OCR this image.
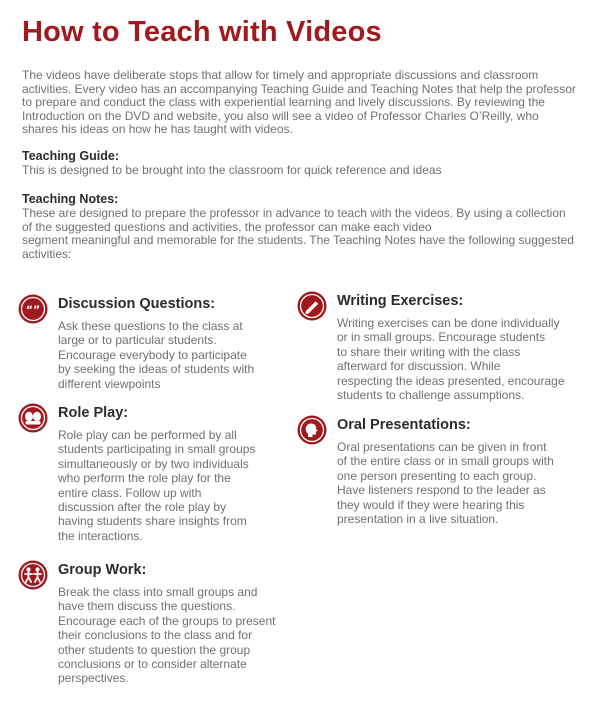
How to Teach with Videos

The videos have deliberate stops that allow for timely and appropriate discussions and classroom activities. Every video has an accompanying Teaching Guide and Teaching Notes that help the professor to prepare and conduct the class with experiential learning and lively discussions. By reviewing the Introduction on the DVD and website, you also will see a video of Professor Charles O’Reilly, who shares his ideas on how he has taught with videos.

Teaching Guide:

This is designed to be brought into the classroom for quick reference and ideas

Teaching Notes:

These are designed to prepare the professor in advance to teach with the videos. By using a collection
of the suggested questions and activities, the professor can make each video
segment meaningful and memorable for the students. The Teaching Notes have the following suggested
activities:
“” Discussion Questions:
Ask these questions to the class at
large or to particular students.
Encourage everybody to participate
by seeking the ideas of students with
different viewpoints
Role Play:
Role play can be performed by all
students participating in small groups
simultaneously or by two individuals
who perform the role play for the
entire class. Follow up with
discussion after the role play by
having students share insights from
the interactions.
Group Work:
Break the class into small groups and
have them discuss the questions.
Encourage each of the groups to present
their conclusions to the class and for
other students to question the group
conclusions or to consider alternate
perspectives.
Writing Exercises:
Writing exercises can be done individually
or in small groups. Encourage students
to share their writing with the class
afterward for discussion. While
respecting the ideas presented, encourage
students to challenge assumptions.
Oral Presentations:
Oral presentations can be given in front
of the entire class or in small groups with
one person presenting to each group.
Have listeners respond to the leader as
they would if they were hearing this
presentation in a live situation.
